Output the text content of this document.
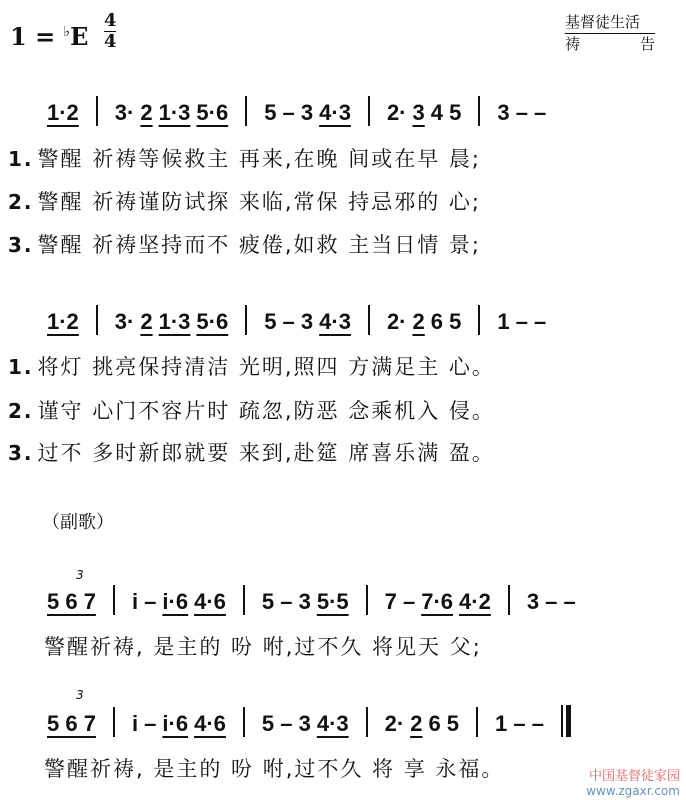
1 = ♭E
4
4
基督徒生活
祷	告
1·2 3· 2 1·3 5·6 5 – 3 4·3 2· 3 4 5 3 – –
1. 警醒 祈祷等候救主 再来,在晚 间或在早 晨;
2. 警醒 祈祷谨防试探 来临,常保 持忌邪的 心;
3. 警醒 祈祷坚持而不 疲倦,如救 主当日情 景;
1·2 3· 2 1·3 5·6 5 – 3 4·3 2· 2 6 5 1 – –
1. 将灯 挑亮保持清洁 光明,照四 方满足主 心。
2. 谨守 心门不容片时 疏忽,防恶 念乘机入 侵。
3. 过不 多时新郎就要 来到,赴筵 席喜乐满 盈。
（副歌）
3
5 6 7 i – i·6 4·6 5 – 3 5·5 7 – 7·6 4·2 3 – –
警醒祈祷, 是主的 吩 咐,过不久 将见天 父;
3
5 6 7 i – i·6 4·6 5 – 3 4·3 2· 2 6 5 1 – –
警醒祈祷, 是主的 吩 咐,过不久 将 享 永福。	中国基督徒家园
www.zgaxr.com
